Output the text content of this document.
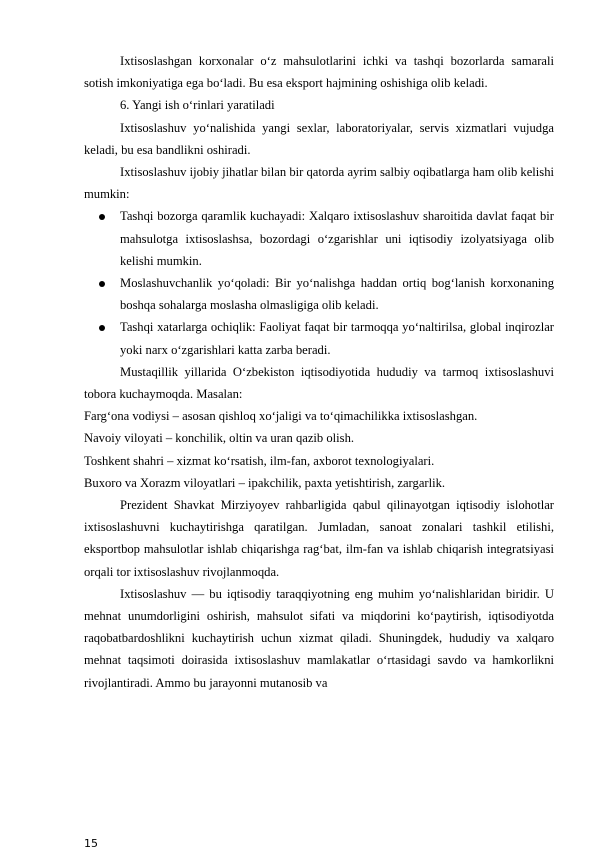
Ixtisoslashgan korxonalar o‘z mahsulotlarini ichki va tashqi bozorlarda samarali sotish imkoniyatiga ega bo‘ladi. Bu esa eksport hajmining oshishiga olib keladi.

6. Yangi ish o‘rinlari yaratiladi

Ixtisoslashuv yo‘nalishida yangi sexlar, laboratoriyalar, servis xizmatlari vujudga keladi, bu esa bandlikni oshiradi.

Ixtisoslashuv ijobiy jihatlar bilan bir qatorda ayrim salbiy oqibatlarga ham olib kelishi mumkin:

Tashqi bozorga qaramlik kuchayadi: Xalqaro ixtisoslashuv sharoitida davlat faqat bir mahsulotga ixtisoslashsa, bozordagi o‘zgarishlar uni iqtisodiy izolyatsiyaga olib kelishi mumkin.
Moslashuvchanlik yo‘qoladi: Bir yo‘nalishga haddan ortiq bog‘lanish korxonaning boshqa sohalarga moslasha olmasligiga olib keladi.
Tashqi xatarlarga ochiqlik: Faoliyat faqat bir tarmoqqa yo‘naltirilsa, global inqirozlar yoki narx o‘zgarishlari katta zarba beradi.

Mustaqillik yillarida O‘zbekiston iqtisodiyotida hududiy va tarmoq ixtisoslashuvi tobora kuchaymoqda. Masalan:

Farg‘ona vodiysi – asosan qishloq xo‘jaligi va to‘qimachilikka ixtisoslashgan.

Navoiy viloyati – konchilik, oltin va uran qazib olish.

Toshkent shahri – xizmat ko‘rsatish, ilm-fan, axborot texnologiyalari.

Buxoro va Xorazm viloyatlari – ipakchilik, paxta yetishtirish, zargarlik.

Prezident Shavkat Mirziyoyev rahbarligida qabul qilinayotgan iqtisodiy islohotlar ixtisoslashuvni kuchaytirishga qaratilgan. Jumladan, sanoat zonalari tashkil etilishi, eksportbop mahsulotlar ishlab chiqarishga rag‘bat, ilm-fan va ishlab chiqarish integratsiyasi orqali tor ixtisoslashuv rivojlanmoqda.

Ixtisoslashuv — bu iqtisodiy taraqqiyotning eng muhim yo‘nalishlaridan biridir. U mehnat unumdorligini oshirish, mahsulot sifati va miqdorini ko‘paytirish, iqtisodiyotda raqobatbardoshlikni kuchaytirish uchun xizmat qiladi. Shuningdek, hududiy va xalqaro mehnat taqsimoti doirasida ixtisoslashuv mamlakatlar o‘rtasidagi savdo va hamkorlikni rivojlantiradi. Ammo bu jarayonni mutanosib va

15
